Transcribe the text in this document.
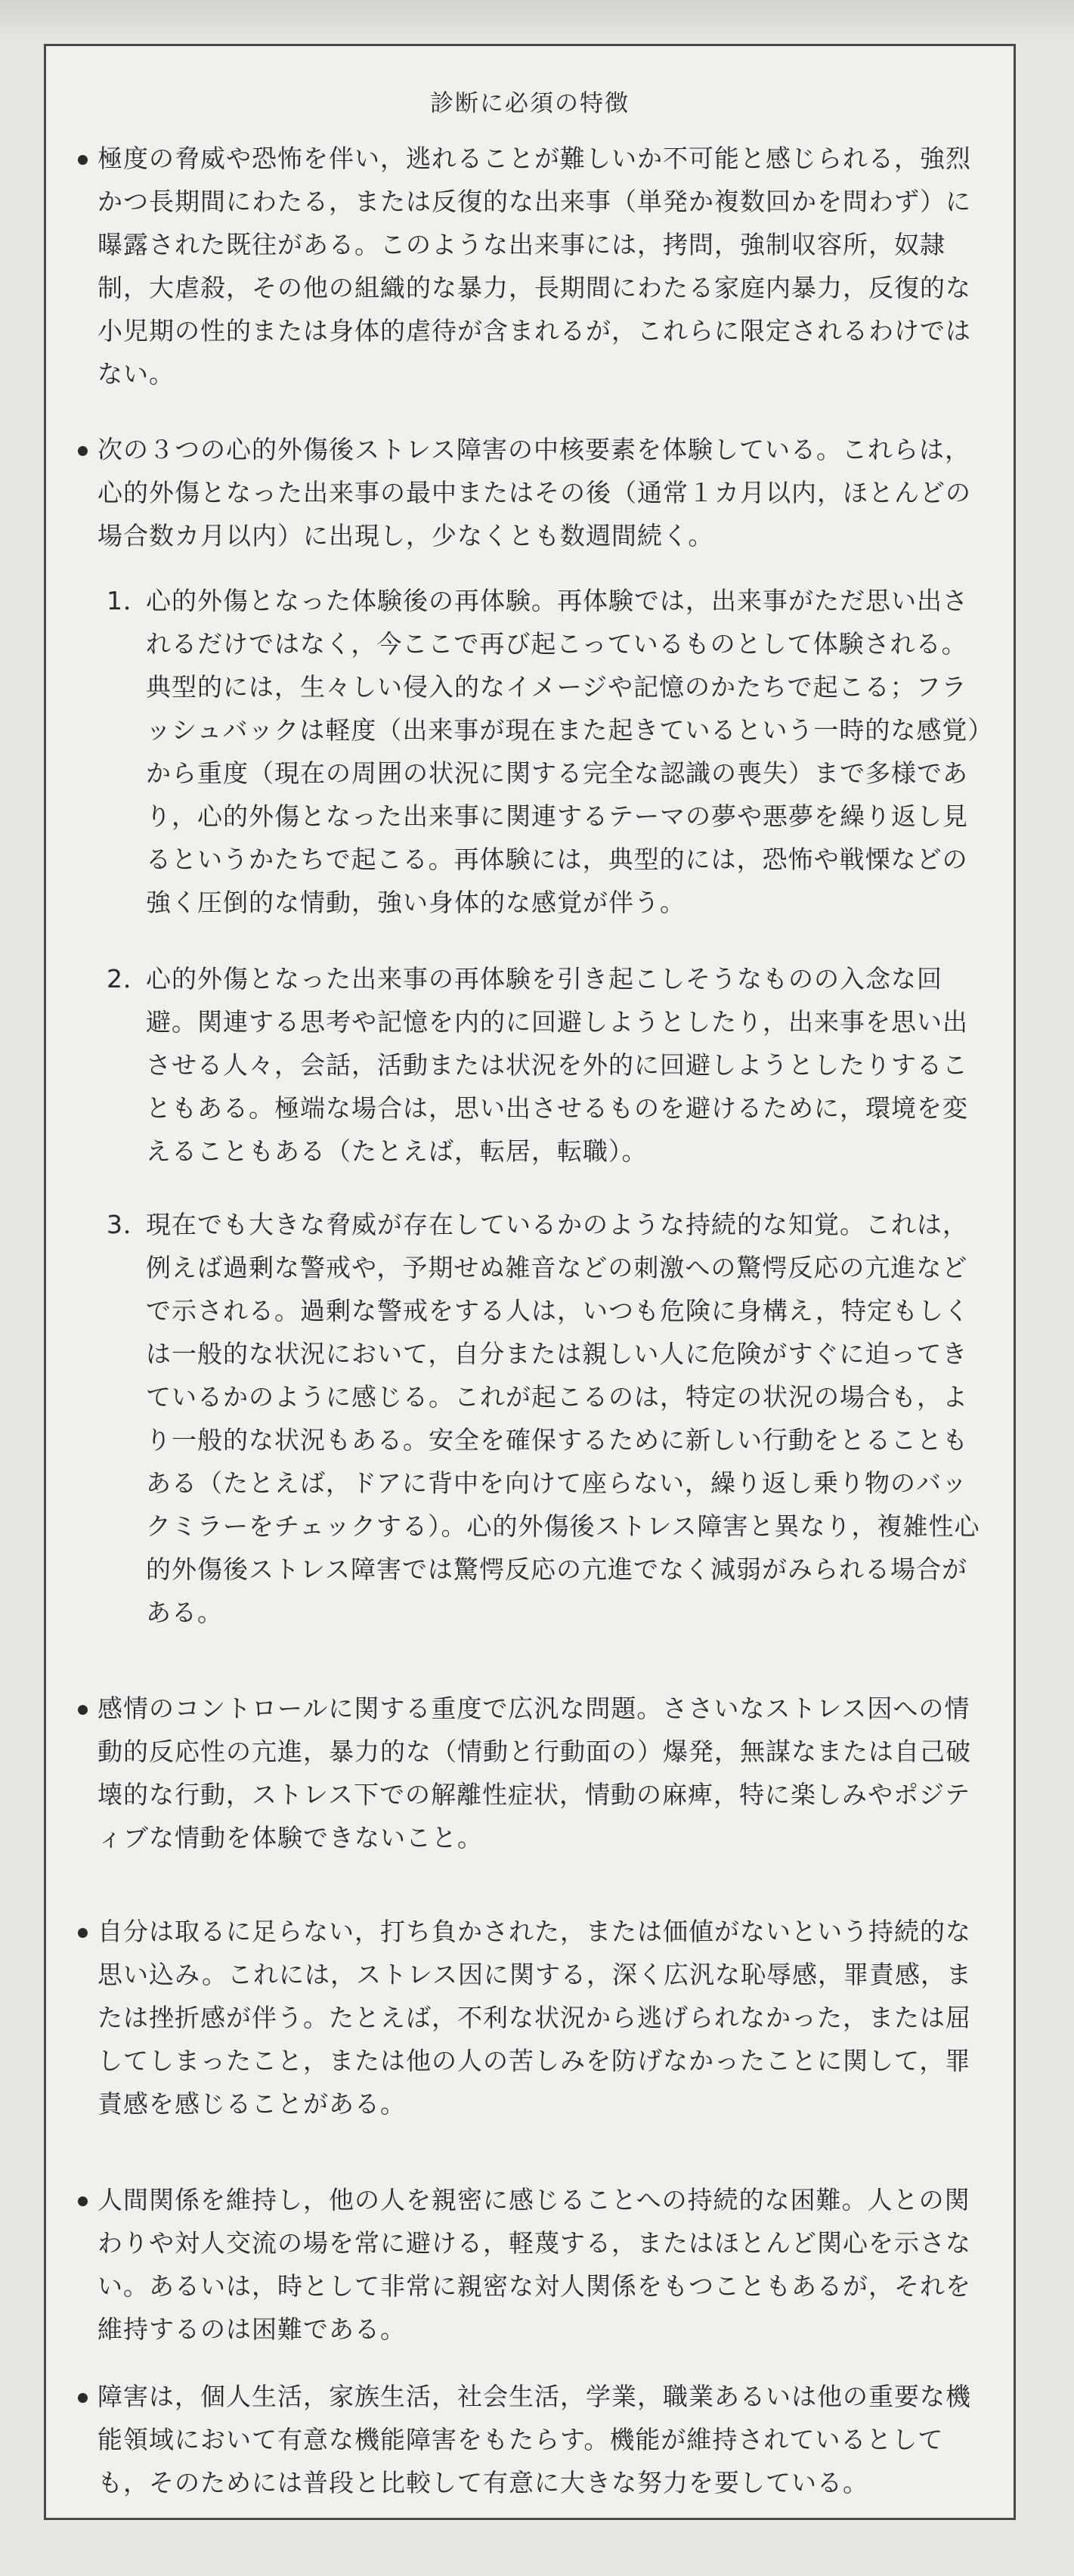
診断に必須の特徴
極度の脅威や恐怖を伴い，逃れることが難しいか不可能と感じられる，強烈かつ長期間にわたる，または反復的な出来事（単発か複数回かを問わず）に曝露された既往がある。このような出来事には，拷問，強制収容所，奴隷制，大虐殺，その他の組織的な暴力，長期間にわたる家庭内暴力，反復的な小児期の性的または身体的虐待が含まれるが，これらに限定されるわけではない。
次の３つの心的外傷後ストレス障害の中核要素を体験している。これらは，心的外傷となった出来事の最中またはその後（通常１カ月以内，ほとんどの場合数カ月以内）に出現し，少なくとも数週間続く。
1．
心的外傷となった体験後の再体験。再体験では，出来事がただ思い出されるだけではなく，今ここで再び起こっているものとして体験される。典型的には，生々しい侵入的なイメージや記憶のかたちで起こる；フラッシュバックは軽度（出来事が現在また起きているという一時的な感覚）から重度（現在の周囲の状況に関する完全な認識の喪失）まで多様であり，心的外傷となった出来事に関連するテーマの夢や悪夢を繰り返し見るというかたちで起こる。再体験には，典型的には，恐怖や戦慄などの強く圧倒的な情動，強い身体的な感覚が伴う。
2．
心的外傷となった出来事の再体験を引き起こしそうなものの入念な回避。関連する思考や記憶を内的に回避しようとしたり，出来事を思い出させる人々，会話，活動または状況を外的に回避しようとしたりすることもある。極端な場合は，思い出させるものを避けるために，環境を変えることもある（たとえば，転居，転職）。
3．
現在でも大きな脅威が存在しているかのような持続的な知覚。これは，例えば過剰な警戒や，予期せぬ雑音などの刺激への驚愕反応の亢進などで示される。過剰な警戒をする人は，いつも危険に身構え，特定もしくは一般的な状況において，自分または親しい人に危険がすぐに迫ってきているかのように感じる。これが起こるのは，特定の状況の場合も，より一般的な状況もある。安全を確保するために新しい行動をとることもある（たとえば，ドアに背中を向けて座らない，繰り返し乗り物のバックミラーをチェックする）。心的外傷後ストレス障害と異なり，複雑性心的外傷後ストレス障害では驚愕反応の亢進でなく減弱がみられる場合がある。
感情のコントロールに関する重度で広汎な問題。ささいなストレス因への情動的反応性の亢進，暴力的な（情動と行動面の）爆発，無謀なまたは自己破壊的な行動，ストレス下での解離性症状，情動の麻痺，特に楽しみやポジティブな情動を体験できないこと。
自分は取るに足らない，打ち負かされた，または価値がないという持続的な思い込み。これには，ストレス因に関する，深く広汎な恥辱感，罪責感，または挫折感が伴う。たとえば，不利な状況から逃げられなかった，または屈してしまったこと，または他の人の苦しみを防げなかったことに関して，罪責感を感じることがある。
人間関係を維持し，他の人を親密に感じることへの持続的な困難。人との関わりや対人交流の場を常に避ける，軽蔑する，またはほとんど関心を示さない。あるいは，時として非常に親密な対人関係をもつこともあるが，それを維持するのは困難である。
障害は，個人生活，家族生活，社会生活，学業，職業あるいは他の重要な機能領域において有意な機能障害をもたらす。機能が維持されているとしても，そのためには普段と比較して有意に大きな努力を要している。
